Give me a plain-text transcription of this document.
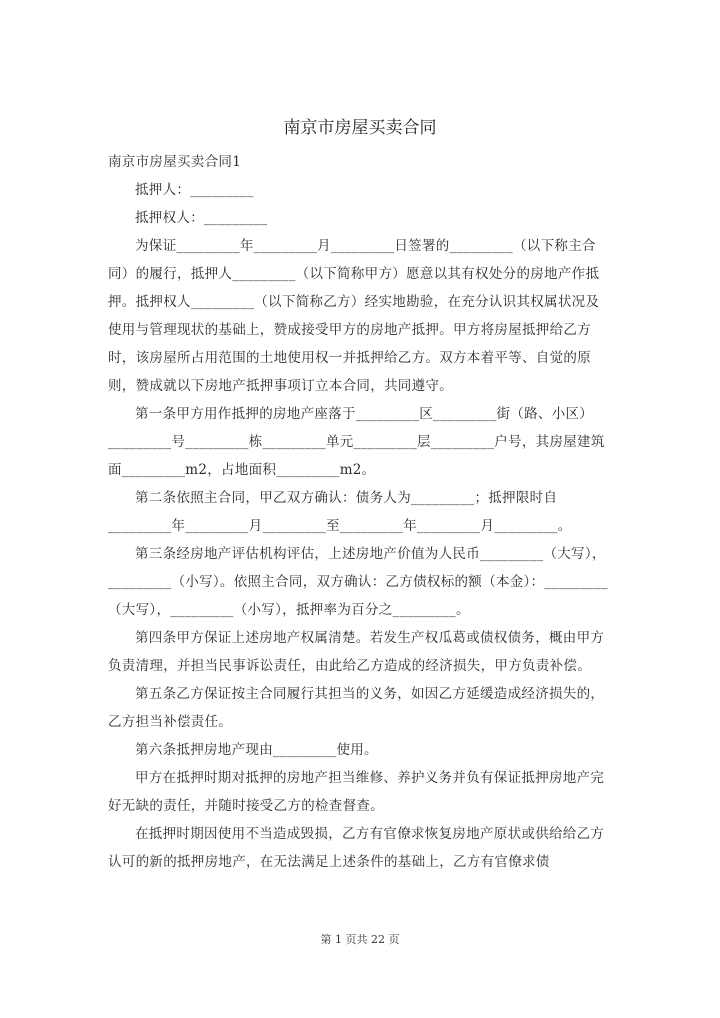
南京市房屋买卖合同

南京市房屋买卖合同1

抵押人：_________

抵押权人：_________

为保证_________年_________月_________日签署的_________（以下称主合同）的履行，抵押人_________（以下简称甲方）愿意以其有权处分的房地产作抵押。抵押权人_________（以下简称乙方）经实地勘验，在充分认识其权属状况及使用与管理现状的基础上，赞成接受甲方的房地产抵押。甲方将房屋抵押给乙方时，该房屋所占用范围的土地使用权一并抵押给乙方。双方本着平等、自觉的原则，赞成就以下房地产抵押事项订立本合同，共同遵守。

第一条甲方用作抵押的房地产座落于_________区_________街（路、小区）_________号_________栋_________单元_________层_________户号，其房屋建筑面_________m2，占地面积_________m2。

第二条依照主合同，甲乙双方确认：债务人为_________；抵押限时自_________年_________月_________至_________年_________月_________。

第三条经房地产评估机构评估，上述房地产价值为人民币_________（大写），_________（小写）。依照主合同，双方确认：乙方债权标的额（本金）：_________（大写），_________（小写），抵押率为百分之_________。

第四条甲方保证上述房地产权属清楚。若发生产权瓜葛或债权债务，概由甲方负责清理，并担当民事诉讼责任，由此给乙方造成的经济损失，甲方负责补偿。

第五条乙方保证按主合同履行其担当的义务，如因乙方延缓造成经济损失的，乙方担当补偿责任。

第六条抵押房地产现由_________使用。

甲方在抵押时期对抵押的房地产担当维修、养护义务并负有保证抵押房地产完好无缺的责任，并随时接受乙方的检查督查。

在抵押时期因使用不当造成毁损，乙方有官僚求恢复房地产原状或供给给乙方认可的新的抵押房地产，在无法满足上述条件的基础上，乙方有官僚求债

第 1 页共 22 页
